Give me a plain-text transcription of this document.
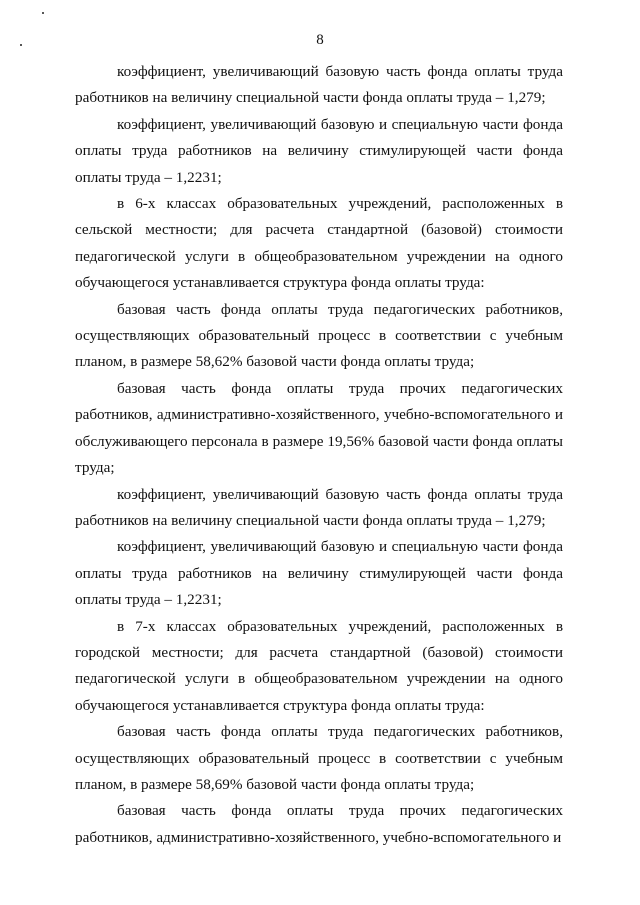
8

коэффициент, увеличивающий базовую часть фонда оплаты труда работников на величину специальной части фонда оплаты труда – 1,279;

коэффициент, увеличивающий базовую и специальную части фонда оплаты труда работников на величину стимулирующей части фонда оплаты труда – 1,2231;

в 6-х классах образовательных учреждений, расположенных в сельской местности; для расчета стандартной (базовой) стоимости педагогической услуги в общеобразовательном учреждении на одного обучающегося устанавливается структура фонда оплаты труда:

базовая часть фонда оплаты труда педагогических работников, осуществляющих образовательный процесс в соответствии с учебным планом, в размере 58,62% базовой части фонда оплаты труда;

базовая часть фонда оплаты труда прочих педагогических работников, административно-хозяйственного, учебно-вспомогательного и обслуживающего персонала в размере 19,56% базовой части фонда оплаты труда;

коэффициент, увеличивающий базовую часть фонда оплаты труда работников на величину специальной части фонда оплаты труда – 1,279;

коэффициент, увеличивающий базовую и специальную части фонда оплаты труда работников на величину стимулирующей части фонда оплаты труда – 1,2231;

в 7-х классах образовательных учреждений, расположенных в городской местности; для расчета стандартной (базовой) стоимости педагогической услуги в общеобразовательном учреждении на одного обучающегося устанавливается структура фонда оплаты труда:

базовая часть фонда оплаты труда педагогических работников, осуществляющих образовательный процесс в соответствии с учебным планом, в размере 58,69% базовой части фонда оплаты труда;

базовая часть фонда оплаты труда прочих педагогических работников, административно-хозяйственного, учебно-вспомогательного и
